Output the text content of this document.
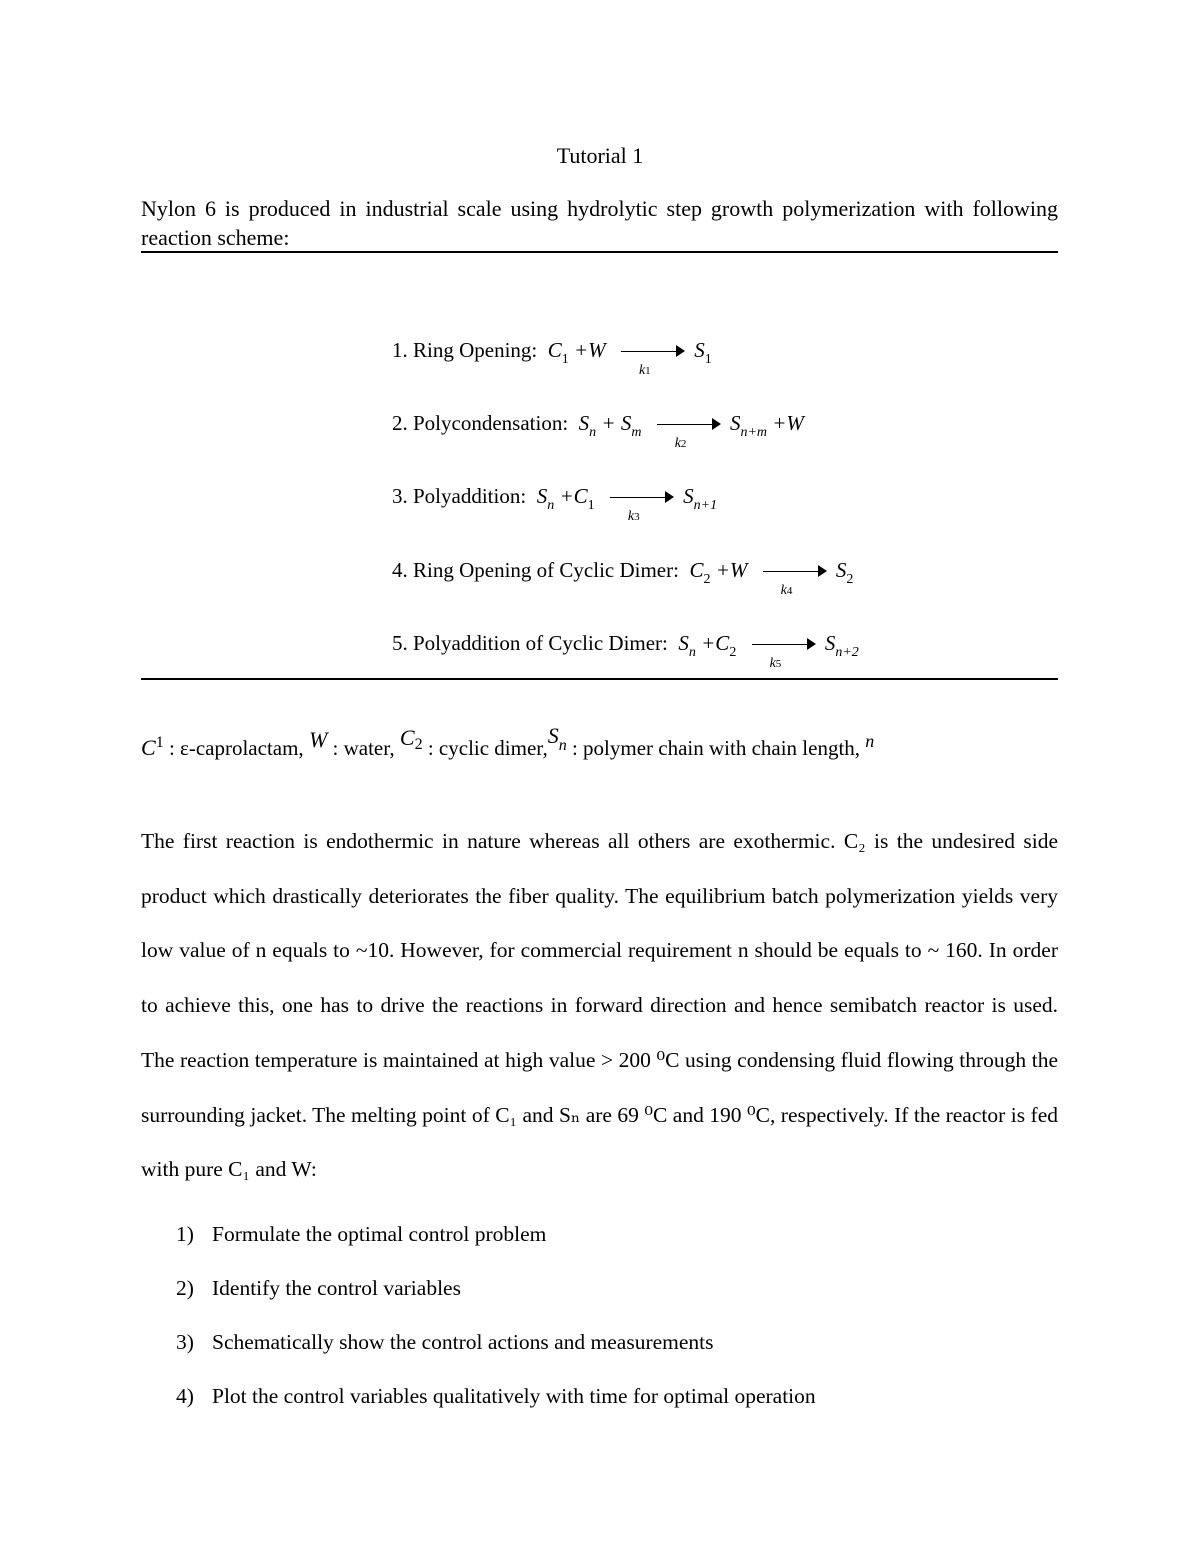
Tutorial 1
Nylon 6 is produced in industrial scale using hydrolytic step growth polymerization with following reaction scheme:
1. Ring Opening: $C_1 +W$
k1
$S_1$
2. Polycondensation: $S_n + S_m$
k2
$S_{n+m} +W$
3. Polyaddition: $S_n +C_1$
k3
$S_{n+1}$
4. Ring Opening of Cyclic Dimer: $C_2 +W$
k4
$S_2$
5. Polyaddition of Cyclic Dimer: $S_n +C_2$
k5
$S_{n+2}$
$C^1$ : ε-caprolactam, W : water, $C^2$ : cyclic $dimer,S^n$ : polymer chain with chain length, n

The first reaction is endothermic in nature whereas all others are exothermic. C₂ is the undesired side product which drastically deteriorates the fiber quality. The equilibrium batch polymerization yields very low value of n equals to ~10. However, for commercial requirement n should be equals to ~ 160. In order to achieve this, one has to drive the reactions in forward direction and hence semibatch reactor is used. The reaction temperature is maintained at high value > 200 ⁰C using condensing fluid flowing through the surrounding jacket. The melting point of C₁ and Sₙ are 69 ⁰C and 190 ⁰C, respectively. If the reactor is fed with pure C₁ and W:

1) Formulate the optimal control problem
2) Identify the control variables
3) Schematically show the control actions and measurements
4) Plot the control variables qualitatively with time for optimal operation
